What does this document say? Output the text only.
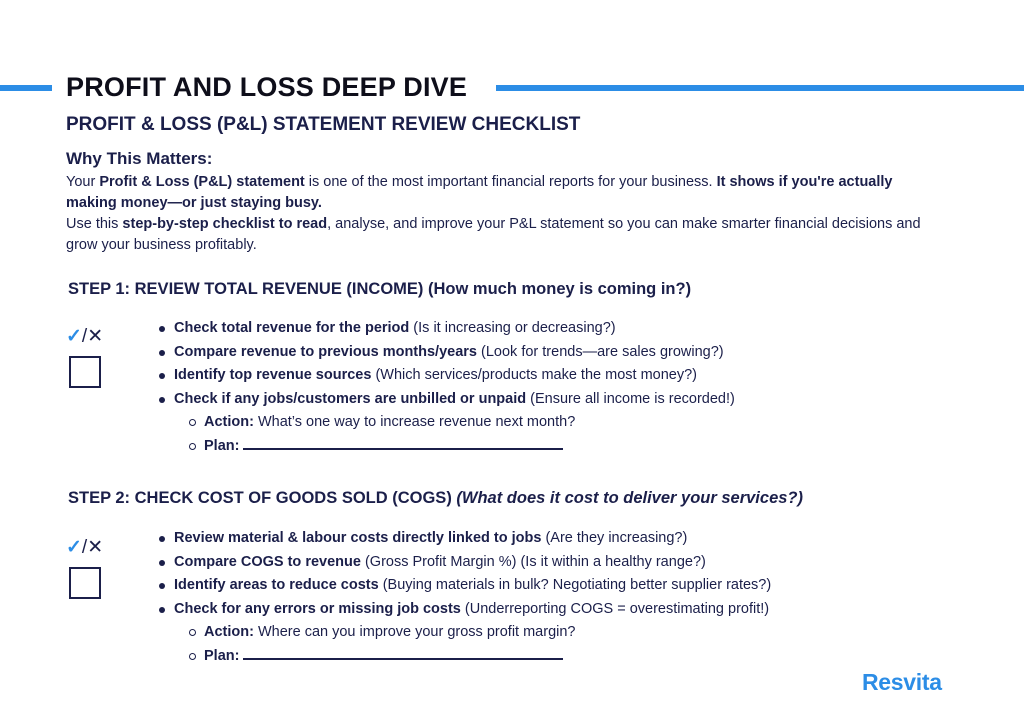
PROFIT AND LOSS DEEP DIVE
PROFIT & LOSS (P&L) STATEMENT REVIEW CHECKLIST
Why This Matters:

Your Profit & Loss (P&L) statement is one of the most important financial reports for your business. It shows if you're actually making money—or just staying busy.
Use this step-by-step checklist to read, analyse, and improve your P&L statement so you can make smarter financial decisions and grow your business profitably.

STEP 1: REVIEW TOTAL REVENUE (INCOME) (How much money is coming in?)
✓/✕	Check total revenue for the period (Is it increasing or decreasing?)
Compare revenue to previous months/years (Look for trends—are sales growing?)
Identify top revenue sources (Which services/products make the most money?)
Check if any jobs/customers are unbilled or unpaid (Ensure all income is recorded!)
Action: What’s one way to increase revenue next month?
Plan:
STEP 2: CHECK COST OF GOODS SOLD (COGS) (What does it cost to deliver your services?)
✓/✕	Review material & labour costs directly linked to jobs (Are they increasing?)
Compare COGS to revenue (Gross Profit Margin %) (Is it within a healthy range?)
Identify areas to reduce costs (Buying materials in bulk? Negotiating better supplier rates?)
Check for any errors or missing job costs (Underreporting COGS = overestimating profit!)
Action: Where can you improve your gross profit margin?
Plan:

Resvita
